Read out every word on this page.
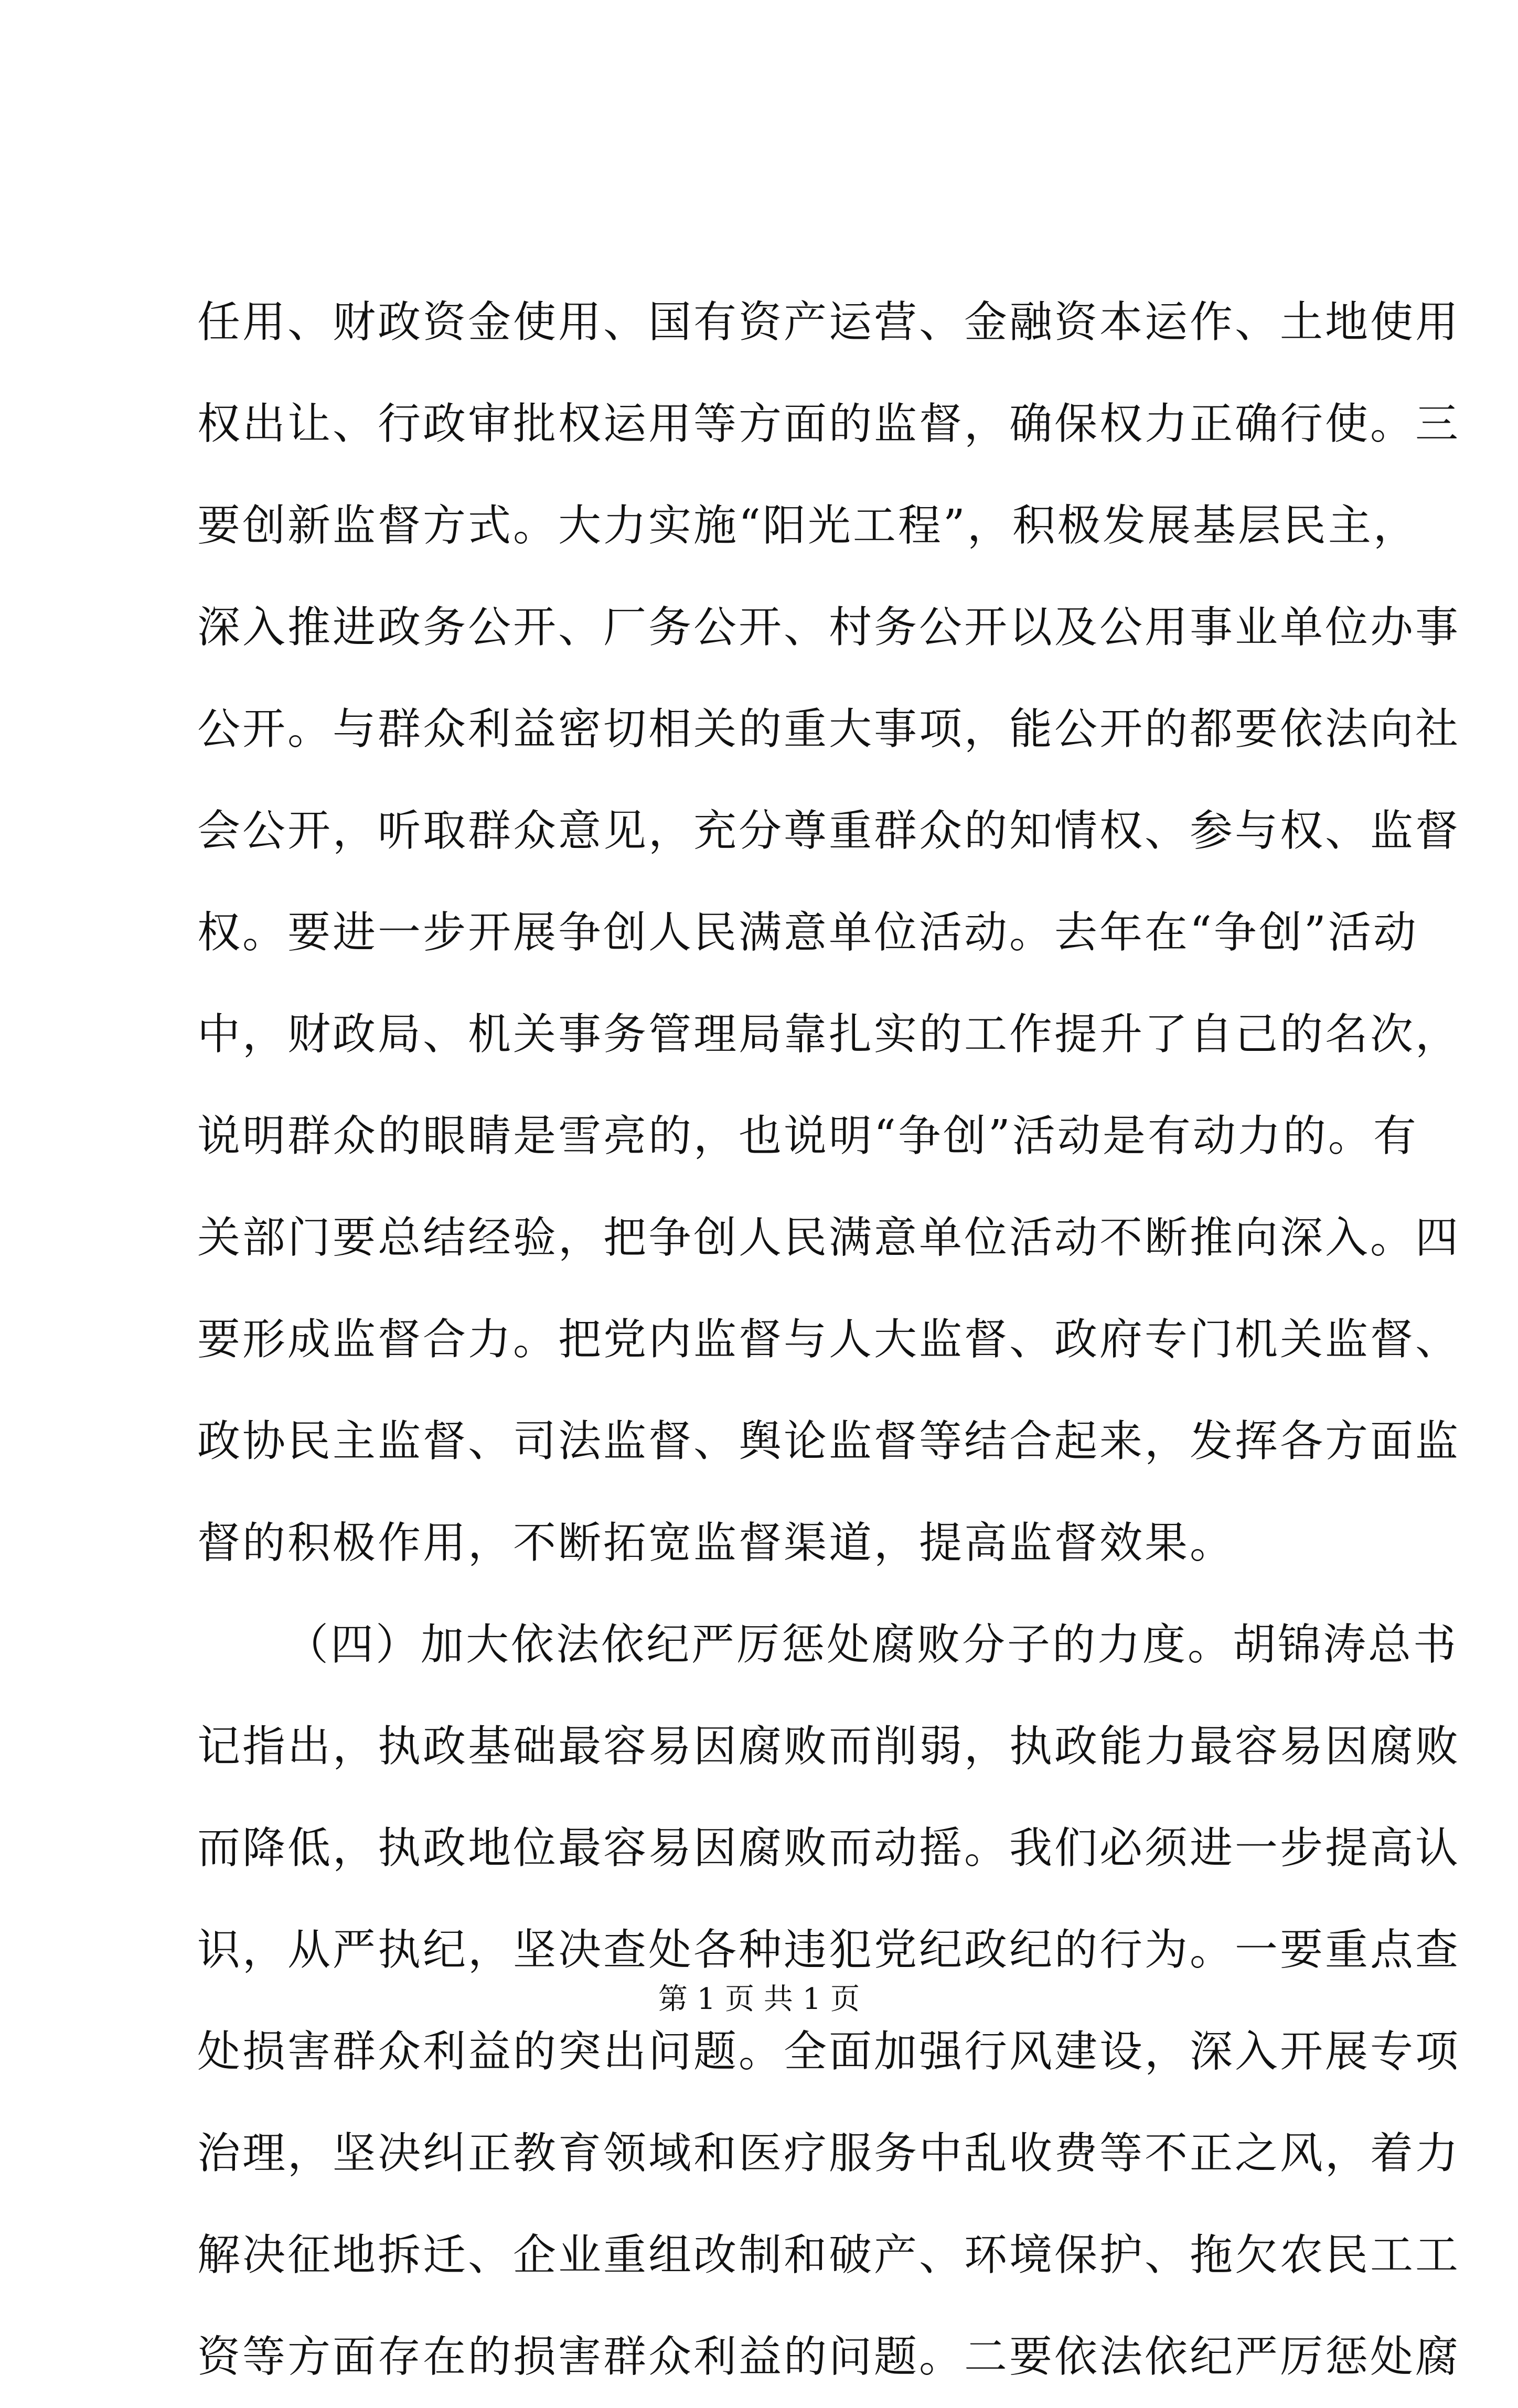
任用、财政资金使用、国有资产运营、金融资本运作、土地使用
权出让、行政审批权运用等方面的监督，确保权力正确行使。三
要创新监督方式。大力实施“阳光工程”，积极发展基层民主，
深入推进政务公开、厂务公开、村务公开以及公用事业单位办事
公开。与群众利益密切相关的重大事项，能公开的都要依法向社
会公开，听取群众意见，充分尊重群众的知情权、参与权、监督
权。要进一步开展争创人民满意单位活动。去年在“争创”活动
中，财政局、机关事务管理局靠扎实的工作提升了自己的名次，
说明群众的眼睛是雪亮的，也说明“争创”活动是有动力的。有
关部门要总结经验，把争创人民满意单位活动不断推向深入。四
要形成监督合力。把党内监督与人大监督、政府专门机关监督、
政协民主监督、司法监督、舆论监督等结合起来，发挥各方面监
督的积极作用，不断拓宽监督渠道，提高监督效果。
（四）加大依法依纪严厉惩处腐败分子的力度。胡锦涛总书
记指出，执政基础最容易因腐败而削弱，执政能力最容易因腐败
而降低，执政地位最容易因腐败而动摇。我们必须进一步提高认
识，从严执纪，坚决查处各种违犯党纪政纪的行为。一要重点查
处损害群众利益的突出问题。全面加强行风建设，深入开展专项
治理，坚决纠正教育领域和医疗服务中乱收费等不正之风，着力
解决征地拆迁、企业重组改制和破产、环境保护、拖欠农民工工
资等方面存在的损害群众利益的问题。二要依法依纪严厉惩处腐
第 1 页 共 1 页
